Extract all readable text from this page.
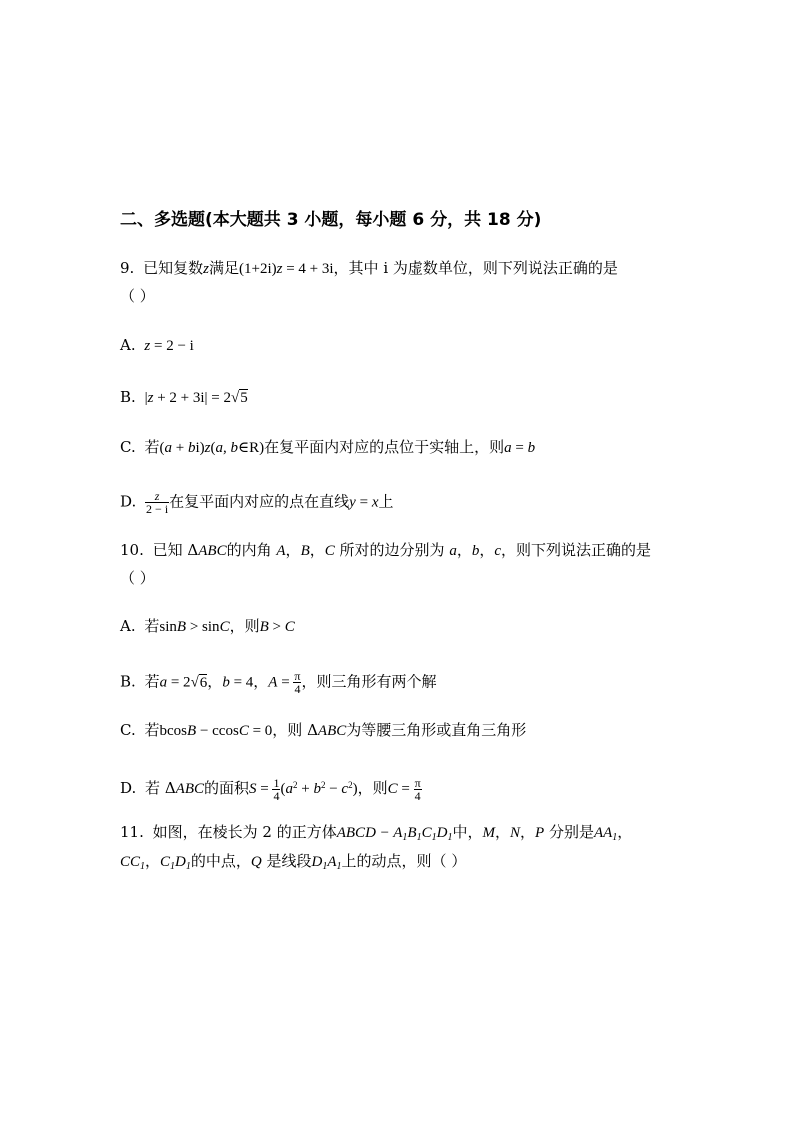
二、多选题(本大题共 3 小题，每小题 6 分，共 18 分)
9. 已知复数z满足(1+2i)z = 4 + 3i，其中 i 为虚数单位，则下列说法正确的是
（ ）
A. z = 2 − i
B. |z + 2 + 3i| = 2√5
C. 若(a + bi)z(a, b∈R)在复平面内对应的点位于实轴上，则a = b
D. $\frac{z}{2 - i}$ 在复平面内对应的点在直线y = x上
10. 已知 ΔABC的内角 A，B，C 所对的边分别为 a，b，c，则下列说法正确的是
（ ）
A. 若sinB > sinC，则B > C
B. 若a = 2√6，b = 4，$A = \frac{\pi}{4}$ ，则三角形有两个解
C. 若bcosB − ccosC = 0，则 ΔABC为等腰三角形或直角三角形
D. 若 ΔABC的面积$S = \frac{1}{4} (a^2 + b^2 - c^2)$，则$C = \frac{\pi}{4}$
11. 如图，在棱长为 2 的正方体ABCD − $A_1B_1C_1D_1$中，M，N，P 分别是$AA_1$，
$CC_1$，$C_1D_1$的中点，Q 是线段$D_1A_1$上的动点，则（ ）
